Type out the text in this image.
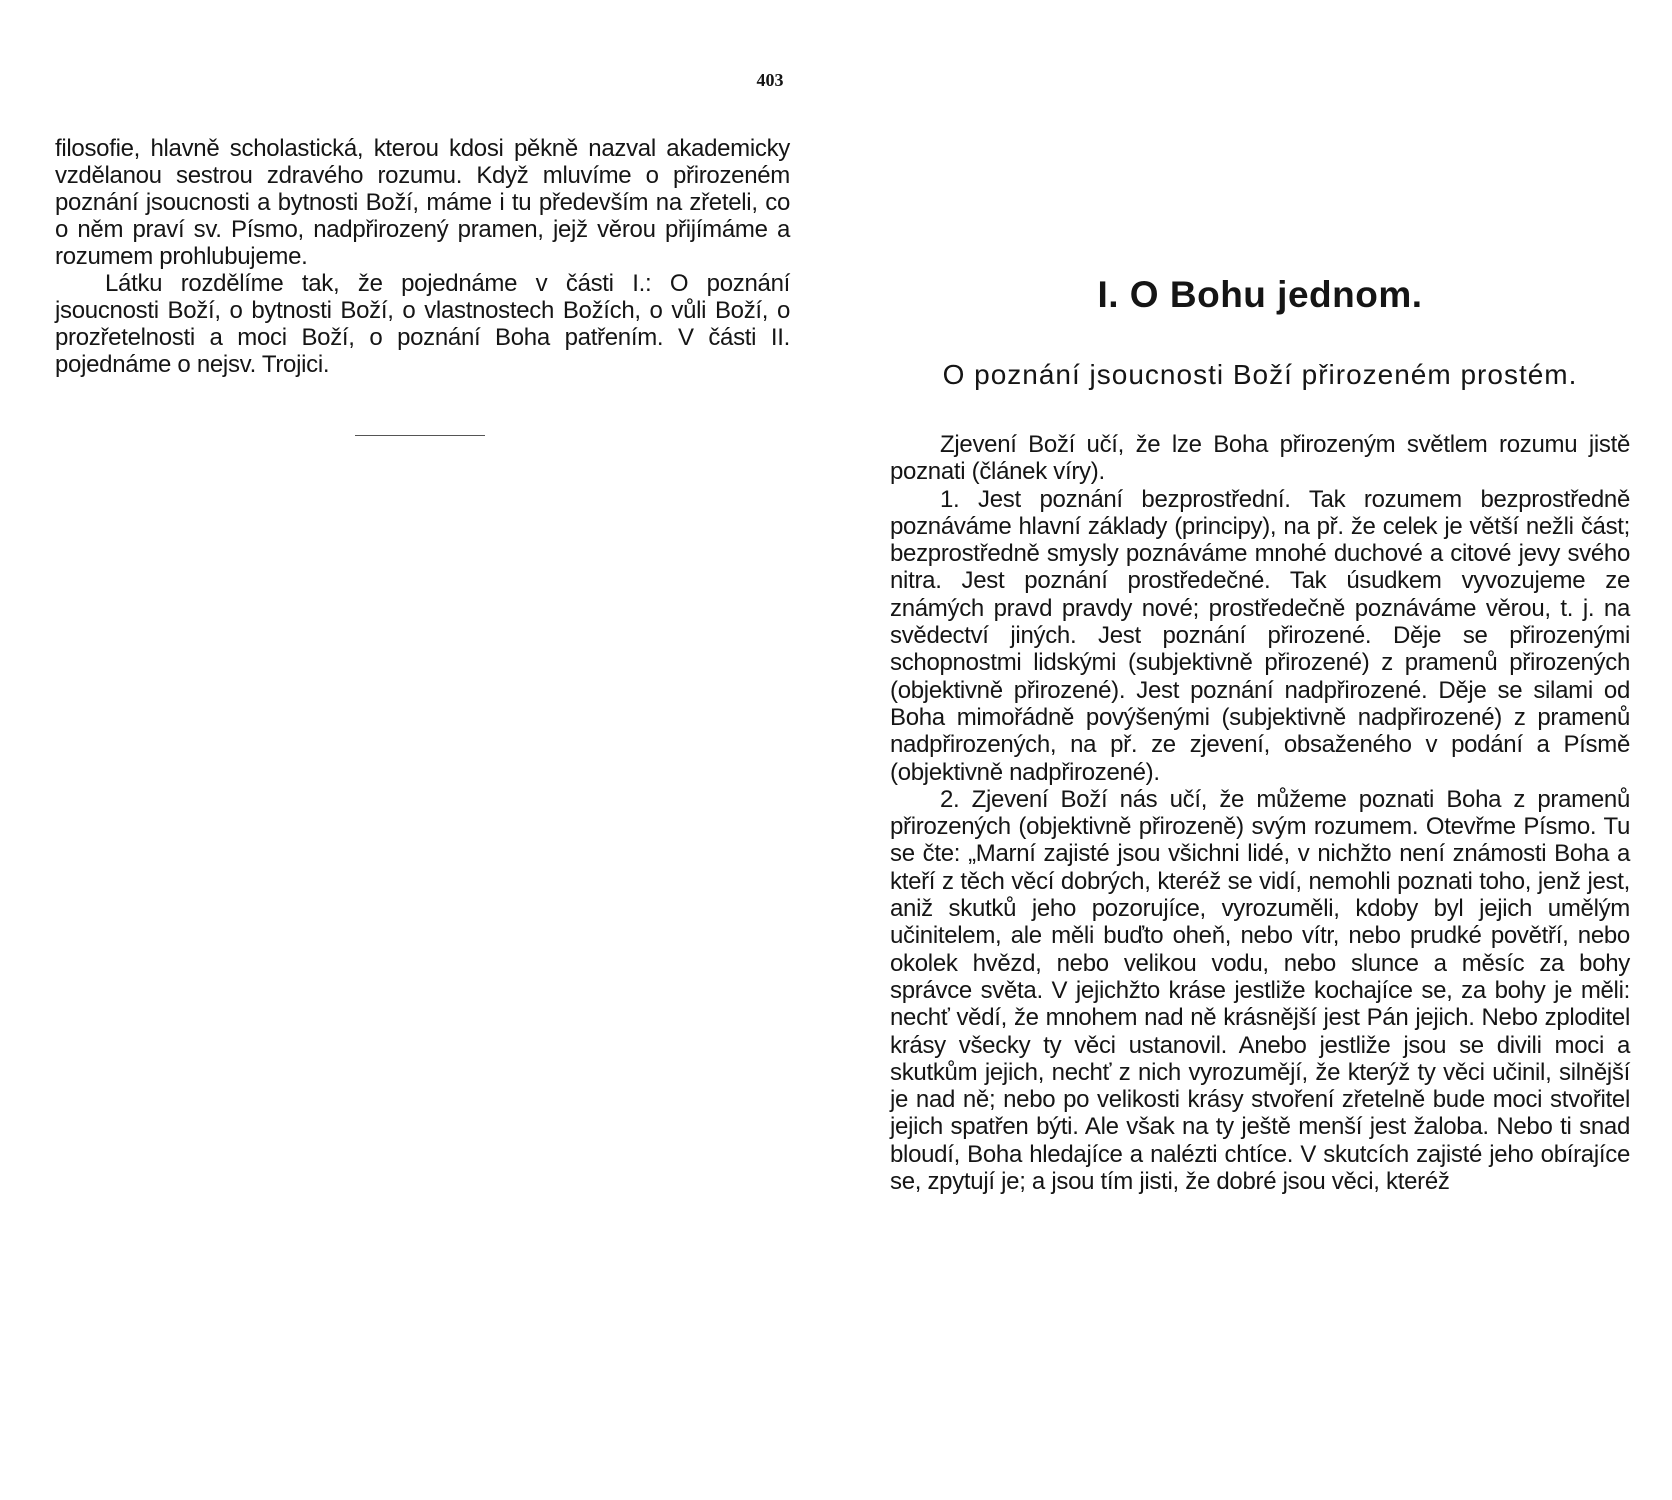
403

filosofie, hlavně scholastická, kterou kdosi pěkně nazval akademicky vzdělanou sestrou zdravého rozumu. Když mluvíme o přirozeném poznání jsoucnosti a bytnosti Boží, máme i tu především na zřeteli, co o něm praví sv. Písmo, nadpřirozený pramen, jejž věrou přijímáme a rozumem prohlubujeme.

Látku rozdělíme tak, že pojednáme v části I.: O poznání jsoucnosti Boží, o bytnosti Boží, o vlastnostech Božích, o vůli Boží, o prozřetelnosti a moci Boží, o poznání Boha patřením. V části II. pojednáme o nejsv. Trojici.

I. O Bohu jednom.
O poznání jsoucnosti Boží přirozeném prostém.

Zjevení Boží učí, že lze Boha přirozeným světlem rozumu jistě poznati (článek víry).

1. Jest poznání bezprostřední. Tak rozumem bezprostředně poznáváme hlavní základy (principy), na př. že celek je větší nežli část; bezprostředně smysly poznáváme mnohé duchové a citové jevy svého nitra. Jest poznání prostředečné. Tak úsudkem vyvozujeme ze známých pravd pravdy nové; prostředečně poznáváme věrou, t. j. na svědectví jiných. Jest poznání přirozené. Děje se přirozenými schopnostmi lidskými (subjektivně přirozené) z pramenů přirozených (objektivně přirozené). Jest poznání nadpřirozené. Děje se silami od Boha mimořádně povýšenými (subjektivně nadpřirozené) z pramenů nadpřirozených, na př. ze zjevení, obsaženého v podání a Písmě (objektivně nadpřirozené).

2. Zjevení Boží nás učí, že můžeme poznati Boha z pramenů přirozených (objektivně přirozeně) svým rozumem. Otevřme Písmo. Tu se čte: „Marní zajisté jsou všichni lidé, v nichžto není známosti Boha a kteří z těch věcí dobrých, kteréž se vidí, nemohli poznati toho, jenž jest, aniž skutků jeho pozorujíce, vyrozuměli, kdoby byl jejich umělým učinitelem, ale měli buďto oheň, nebo vítr, nebo prudké povětří, nebo okolek hvězd, nebo velikou vodu, nebo slunce a měsíc za bohy správce světa. V jejichžto kráse jestliže kochajíce se, za bohy je měli: nechť vědí, že mnohem nad ně krásnější jest Pán jejich. Nebo zploditel krásy všecky ty věci ustanovil. Anebo jestliže jsou se divili moci a skutkům jejich, nechť z nich vyrozumějí, že kterýž ty věci učinil, silnější je nad ně; nebo po velikosti krásy stvoření zřetelně bude moci stvořitel jejich spatřen býti. Ale však na ty ještě menší jest žaloba. Nebo ti snad bloudí, Boha hledajíce a nalézti chtíce. V skutcích zajisté jeho obírajíce se, zpytují je; a jsou tím jisti, že dobré jsou věci, kteréž
